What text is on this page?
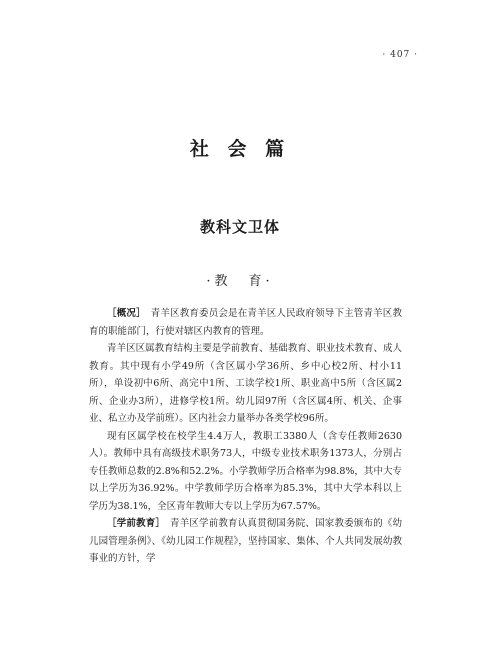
· 407 ·
社 会 篇
教科文卫体
·教　育·

［概况］　青羊区教育委员会是在青羊区人民政府领导下主管青羊区教育的职能部门，行使对辖区内教育的管理。

青羊区区属教育结构主要是学前教育、基础教育、职业技术教育、成人教育。其中现有小学49所（含区属小学36所、乡中心校2所、村小11所），单设初中6所、高完中1所、工读学校1所、职业高中5所（含区属2所、企业办3所），进修学校1所。幼儿园97所（含区属4所、机关、企事业、私立办及学前班）。区内社会力量举办各类学校96所。

现有区属学校在校学生4.4万人，教职工3380人（含专任教师2630人）。教师中具有高级技术职务73人，中级专业技术职务1373人，分别占专任教师总数的2.8%和52.2%。小学教师学历合格率为98.8%，其中大专以上学历为36.92%。中学教师学历合格率为85.3%，其中大学本科以上学历为38.1%，全区青年教师大专以上学历为67.57%。

［学前教育］　青羊区学前教育认真贯彻国务院、国家教委颁布的《幼儿园管理条例》、《幼儿园工作规程》，坚持国家、集体、个人共同发展幼教事业的方针，学
